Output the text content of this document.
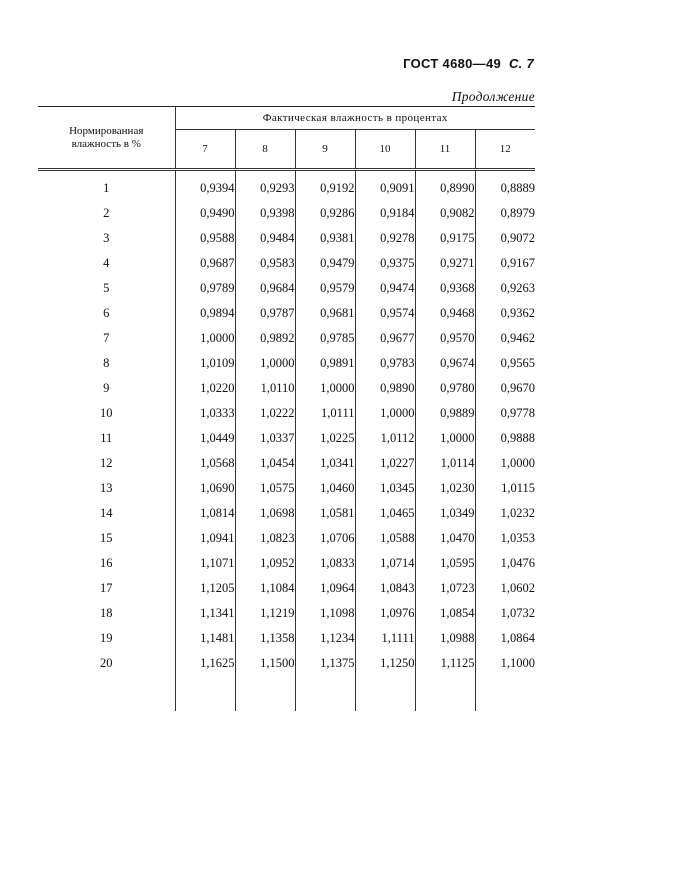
ГОСТ 4680—49 С. 7
Продолжение
Нормированная
влажность в %	Фактическая влажность в процентах					
	7	8	9	10	11	12
1	0,9394	0,9293	0,9192	0,9091	0,8990	0,8889
2	0,9490	0,9398	0,9286	0,9184	0,9082	0,8979
3	0,9588	0,9484	0,9381	0,9278	0,9175	0,9072
4	0,9687	0,9583	0,9479	0,9375	0,9271	0,9167
5	0,9789	0,9684	0,9579	0,9474	0,9368	0,9263
6	0,9894	0,9787	0,9681	0,9574	0,9468	0,9362
7	1,0000	0,9892	0,9785	0,9677	0,9570	0,9462
8	1,0109	1,0000	0,9891	0,9783	0,9674	0,9565
9	1,0220	1,0110	1,0000	0,9890	0,9780	0,9670
10	1,0333	1,0222	1,0111	1,0000	0,9889	0,9778
11	1,0449	1,0337	1,0225	1,0112	1,0000	0,9888
12	1,0568	1,0454	1,0341	1,0227	1,0114	1,0000
13	1,0690	1,0575	1,0460	1,0345	1,0230	1,0115
14	1,0814	1,0698	1,0581	1,0465	1,0349	1,0232
15	1,0941	1,0823	1,0706	1,0588	1,0470	1,0353
16	1,1071	1,0952	1,0833	1,0714	1,0595	1,0476
17	1,1205	1,1084	1,0964	1,0843	1,0723	1,0602
18	1,1341	1,1219	1,1098	1,0976	1,0854	1,0732
19	1,1481	1,1358	1,1234	1,1111	1,0988	1,0864
20	1,1625	1,1500	1,1375	1,1250	1,1125	1,1000
